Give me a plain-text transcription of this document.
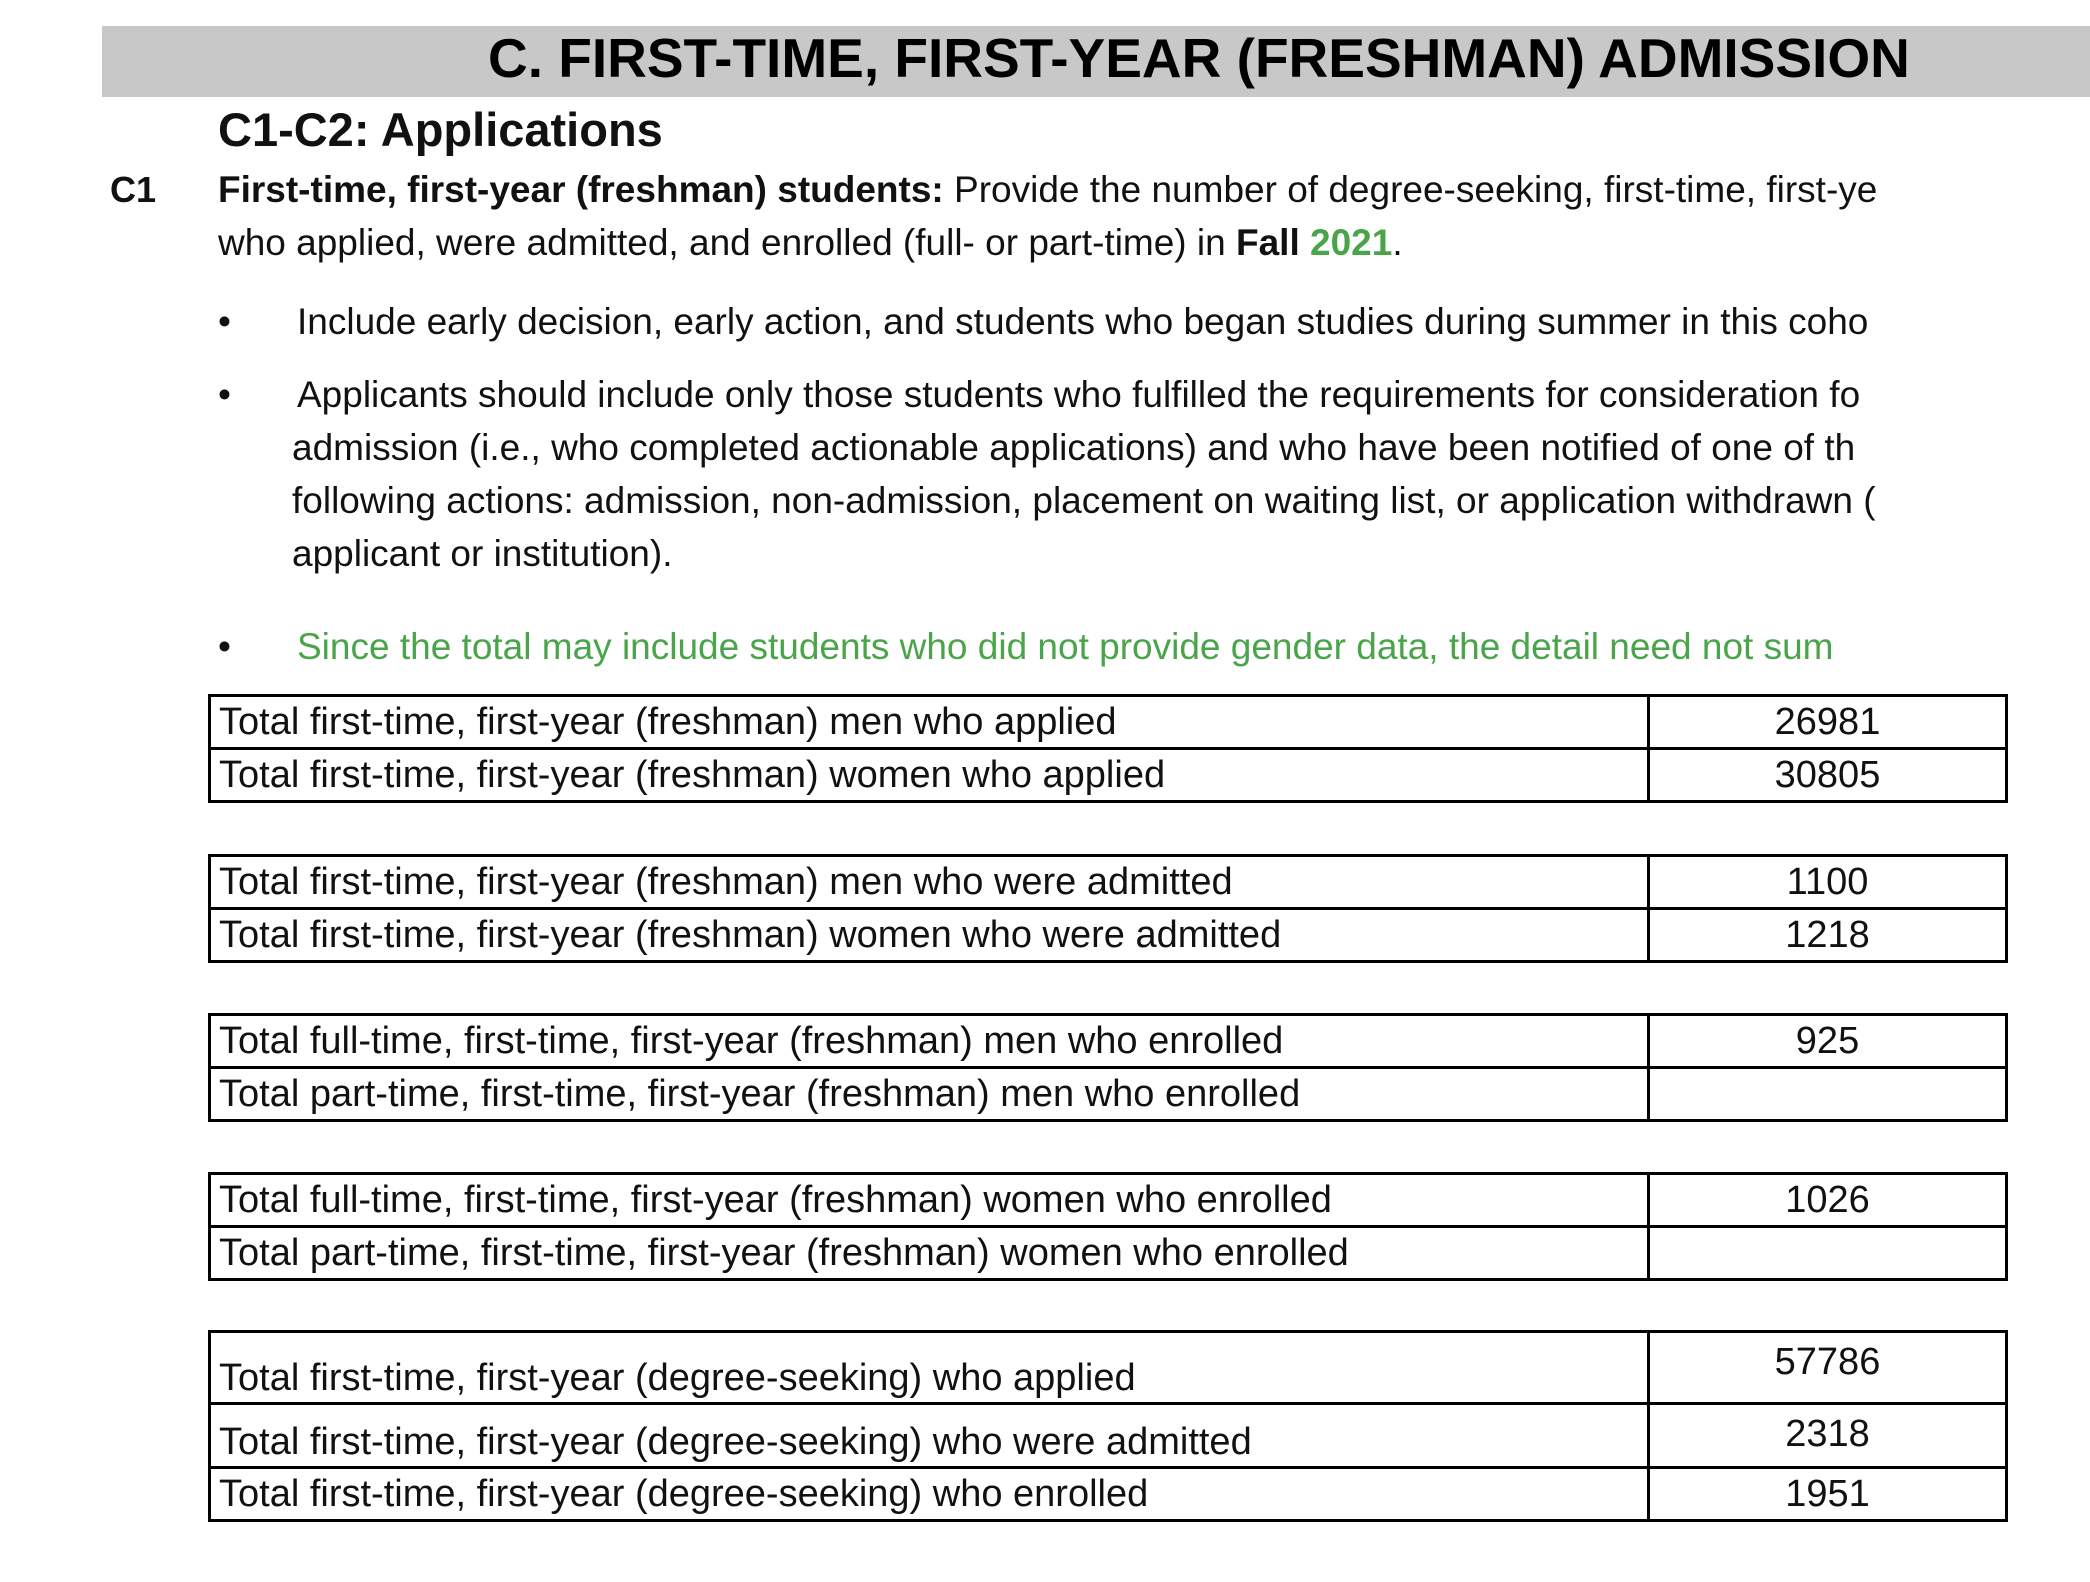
C. FIRST-TIME, FIRST-YEAR (FRESHMAN) ADMISSION
C1-C2: Applications
C1 First-time, first-year (freshman) students: Provide the number of degree-seeking, first-time, first-ye
who applied, were admitted, and enrolled (full- or part-time) in Fall 2021.
• Include early decision, early action, and students who began studies during summer in this coho
• Applicants should include only those students who fulfilled the requirements for consideration fo
admission (i.e., who completed actionable applications) and who have been notified of one of th
following actions: admission, non-admission, placement on waiting list, or application withdrawn (
applicant or institution).
• Since the total may include students who did not provide gender data, the detail need not sum
Total first-time, first-year (freshman) men who applied	26981
Total first-time, first-year (freshman) women who applied	30805
Total first-time, first-year (freshman) men who were admitted	1100
Total first-time, first-year (freshman) women who were admitted	1218
Total full-time, first-time, first-year (freshman) men who enrolled	925
Total part-time, first-time, first-year (freshman) men who enrolled	
Total full-time, first-time, first-year (freshman) women who enrolled	1026
Total part-time, first-time, first-year (freshman) women who enrolled	
Total first-time, first-year (degree-seeking) who applied	57786
Total first-time, first-year (degree-seeking) who were admitted	2318
Total first-time, first-year (degree-seeking) who enrolled	1951
